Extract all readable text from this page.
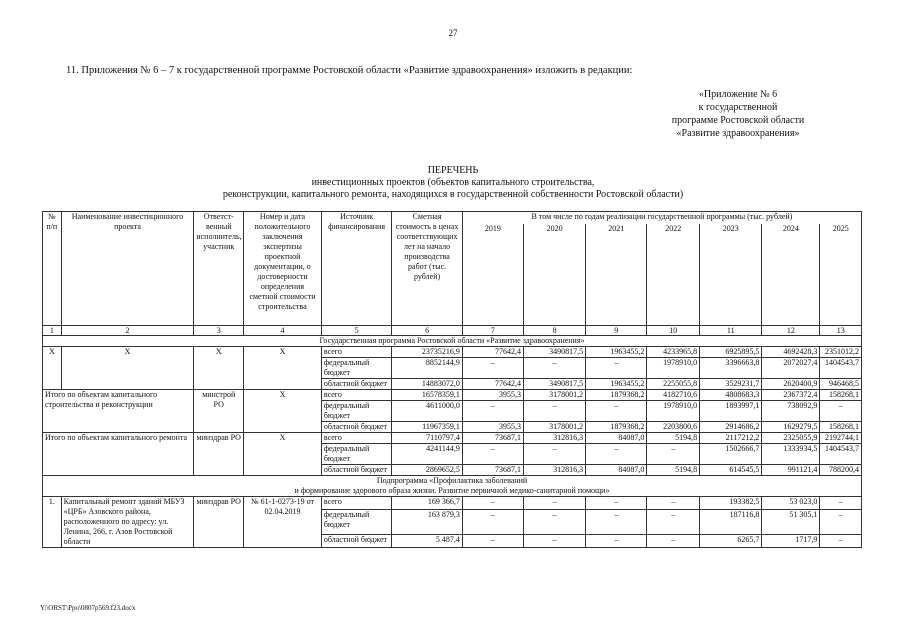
27
11. Приложения № 6 – 7 к государственной программе Ростовской области «Развитие здравоохранения» изложить в редакции:
«Приложение № 6
к государственной
программе Ростовской области
«Развитие здравоохранения»
ПЕРЕЧЕНЬ
инвестиционных проектов (объектов капитального строительства,
реконструкции, капитального ремонта, находящихся в государственной собственности Ростовской области)
№ п/п	Наименование инвестиционного проекта	Ответст-венный исполнитель, участник	Номер и дата положительного заключения экспертизы проектной документации, о достоверности определения сметной стоимости строительства	Источник финансирования	Сметная стоимость в ценах соответствующих лет на начало производства работ (тыс. рублей)	В том числе по годам реализации государственной программы (тыс. рублей)						
						2019	2020	2021	2022	2023	2024	2025
1	2	3	4	5	6	7	8	9	10	11	12	13
Государственная программа Ростовской области «Развитие здравоохранения»												
Х	Х	Х	Х	всего	23735216,9	77642,4	3490817,5	1963455,2	4233965,8	6925895,5	4692428,3	2351012,2
				федеральный бюджет	8852144,9	–	–	–	1978910,0	3396663,8	2072027,4	1404543,7
				областной бюджет	14883072,0	77642,4	3490817,5	1963455,2	2255055,8	3529231,7	2620400,9	946468,5
Итого по объектам капитального строительства и реконструкции		минстрой РО	Х	всего	16578359,1	3955,3	3178001,2	1879368,2	4182710,6	4808683,3	2367372,4	158268,1
				федеральный бюджет	4611000,0	–	–	–	1978910,0	1893997,1	738092,9	–
				областной бюджет	11967359,1	3955,3	3178001,2	1879368,2	2203800,6	2914686,2	1629279,5	158268,1
Итого по объектам капитального ремонта		минздрав РО	Х	всего	7110797,4	73687,1	312816,3	84087,0	5194,8	2117212,2	2325055,9	2192744,1
				федеральный бюджет	4241144,9	–	–	–	–	1502666,7	1333934,5	1404543,7
				областной бюджет	2869652,5	73687,1	312816,3	84087,0	5194,8	614545,5	991121,4	788200,4

Подпрограмма «Профилактика заболеваний
и формирование здорового образа жизни. Развитие первичной медико-санитарной помощи»												

1.	Капитальный ремонт зданий МБУЗ «ЦРБ» Азовского района, расположенного по адресу: ул. Ленина, 266, г. Азов Ростовской области	минздрав РО	№ 61-1-0273-19 от 02.04.2019	всего	169 366,7	–	–	–	–	193382,5	53 023,0	–
				федеральный бюджет	163 879,3	–	–	–	–	187116,8	51 305,1	–
				областной бюджет	5 487,4	–	–	–	–	6265,7	1717,9	–
Y:\ORST\Ppo\0807p569.f23.docx
